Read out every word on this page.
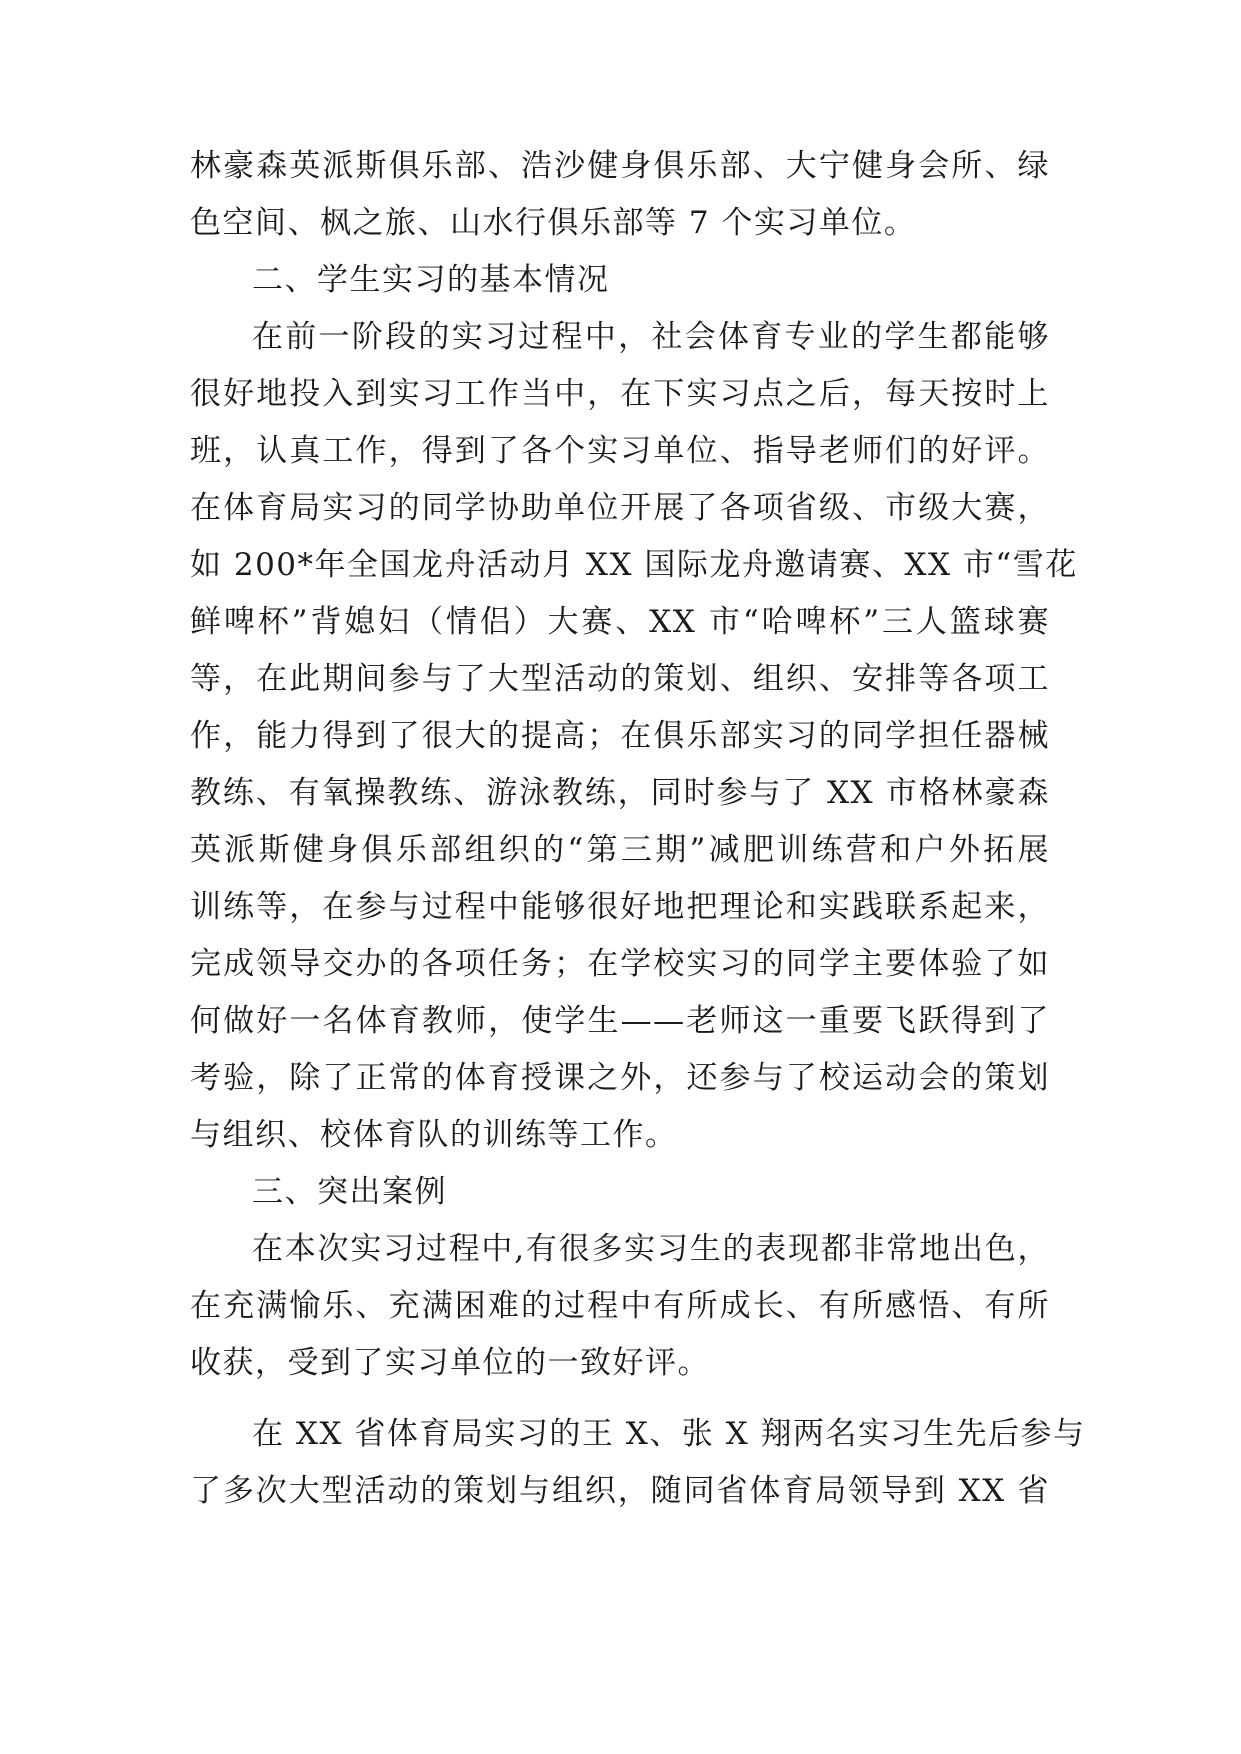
林豪森英派斯俱乐部、浩沙健身俱乐部、大宁健身会所、绿
色空间、枫之旅、山水行俱乐部等 7 个实习单位。
二、学生实习的基本情况
在前一阶段的实习过程中，社会体育专业的学生都能够
很好地投入到实习工作当中，在下实习点之后，每天按时上
班，认真工作，得到了各个实习单位、指导老师们的好评。
在体育局实习的同学协助单位开展了各项省级、市级大赛，
如 200*年全国龙舟活动月 XX 国际龙舟邀请赛、XX 市“雪花
鲜啤杯”背媳妇（情侣）大赛、XX 市“哈啤杯”三人篮球赛
等，在此期间参与了大型活动的策划、组织、安排等各项工
作，能力得到了很大的提高；在俱乐部实习的同学担任器械
教练、有氧操教练、游泳教练，同时参与了 XX 市格林豪森
英派斯健身俱乐部组织的“第三期”减肥训练营和户外拓展
训练等，在参与过程中能够很好地把理论和实践联系起来，
完成领导交办的各项任务；在学校实习的同学主要体验了如
何做好一名体育教师，使学生——老师这一重要飞跃得到了
考验，除了正常的体育授课之外，还参与了校运动会的策划
与组织、校体育队的训练等工作。
三、突出案例
在本次实习过程中,有很多实习生的表现都非常地出色，
在充满愉乐、充满困难的过程中有所成长、有所感悟、有所
收获，受到了实习单位的一致好评。
在 XX 省体育局实习的王 X、张 X 翔两名实习生先后参与
了多次大型活动的策划与组织，随同省体育局领导到 XX 省
